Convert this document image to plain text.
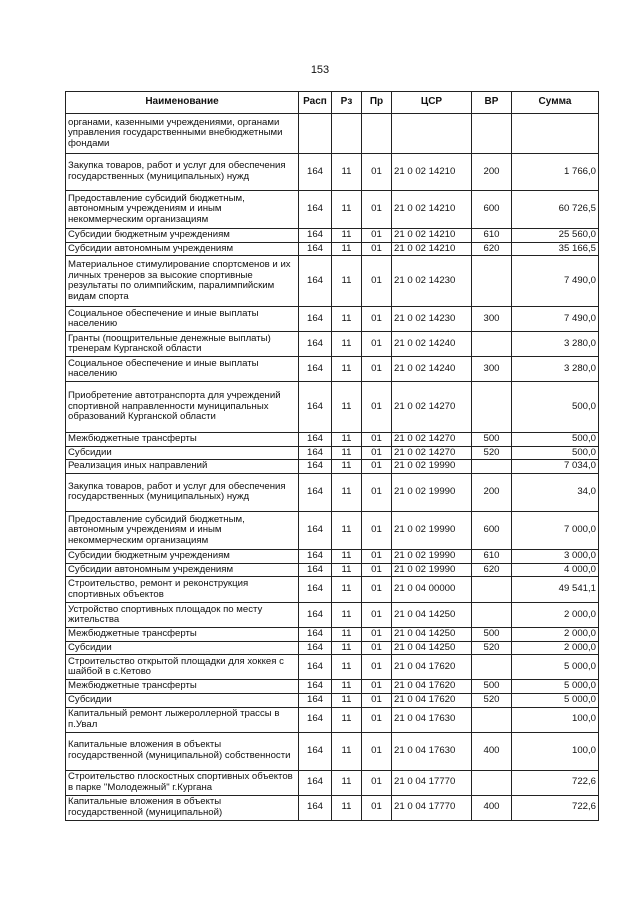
153
Наименование	Расп	Рз	Пр	ЦСР	ВР	Сумма
органами, казенными учреждениями, органами управления государственными внебюджетными фондами						
Закупка товаров, работ и услуг для обеспечения государственных (муниципальных) нужд	164	11	01	21 0 02 14210	200	1 766,0
Предоставление субсидий бюджетным, автономным учреждениям и иным некоммерческим организациям	164	11	01	21 0 02 14210	600	60 726,5
Субсидии бюджетным учреждениям	164	11	01	21 0 02 14210	610	25 560,0
Субсидии автономным учреждениям	164	11	01	21 0 02 14210	620	35 166,5
Материальное стимулирование спортсменов и их личных тренеров за высокие спортивные результаты по олимпийским, паралимпийским видам спорта	164	11	01	21 0 02 14230		7 490,0
Социальное обеспечение и иные выплаты населению	164	11	01	21 0 02 14230	300	7 490,0
Гранты (поощрительные денежные выплаты) тренерам Курганской области	164	11	01	21 0 02 14240		3 280,0
Социальное обеспечение и иные выплаты населению	164	11	01	21 0 02 14240	300	3 280,0
Приобретение автотранспорта для учреждений спортивной направленности муниципальных образований Курганской области	164	11	01	21 0 02 14270		500,0
Межбюджетные трансферты	164	11	01	21 0 02 14270	500	500,0
Субсидии	164	11	01	21 0 02 14270	520	500,0
Реализация иных направлений	164	11	01	21 0 02 19990		7 034,0
Закупка товаров, работ и услуг для обеспечения государственных (муниципальных) нужд	164	11	01	21 0 02 19990	200	34,0
Предоставление субсидий бюджетным, автономным учреждениям и иным некоммерческим организациям	164	11	01	21 0 02 19990	600	7 000,0
Субсидии бюджетным учреждениям	164	11	01	21 0 02 19990	610	3 000,0
Субсидии автономным учреждениям	164	11	01	21 0 02 19990	620	4 000,0
Строительство, ремонт и реконструкция спортивных объектов	164	11	01	21 0 04 00000		49 541,1
Устройство спортивных площадок по месту жительства	164	11	01	21 0 04 14250		2 000,0
Межбюджетные трансферты	164	11	01	21 0 04 14250	500	2 000,0
Субсидии	164	11	01	21 0 04 14250	520	2 000,0
Строительство открытой площадки для хоккея с шайбой в с.Кетово	164	11	01	21 0 04 17620		5 000,0
Межбюджетные трансферты	164	11	01	21 0 04 17620	500	5 000,0
Субсидии	164	11	01	21 0 04 17620	520	5 000,0
Капитальный ремонт лыжероллерной трассы в п.Увал	164	11	01	21 0 04 17630		100,0
Капитальные вложения в объекты государственной (муниципальной) собственности	164	11	01	21 0 04 17630	400	100,0
Строительство плоскостных спортивных объектов в парке "Молодежный" г.Кургана	164	11	01	21 0 04 17770		722,6
Капитальные вложения в объекты государственной (муниципальной)	164	11	01	21 0 04 17770	400	722,6
